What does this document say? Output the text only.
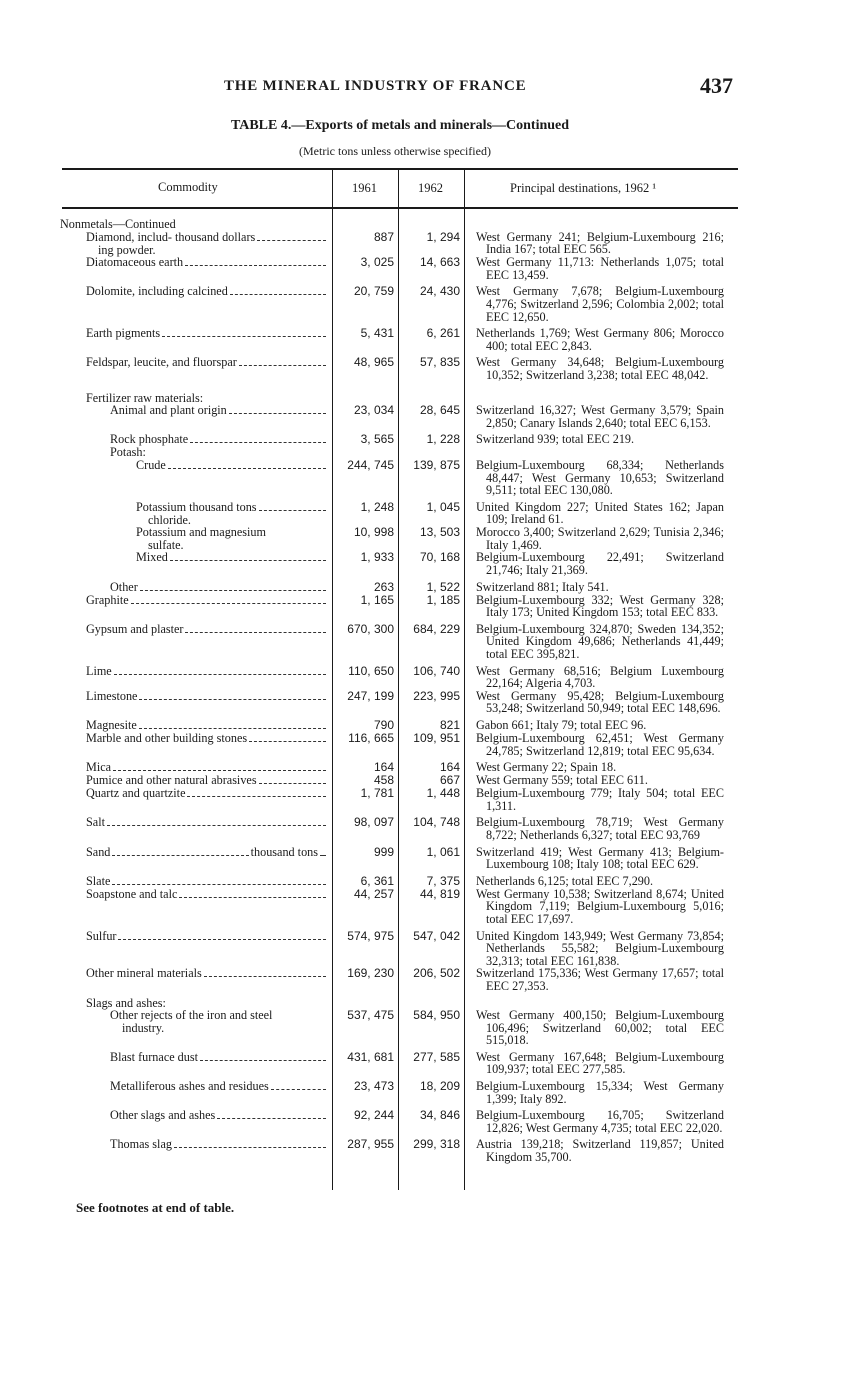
THE MINERAL INDUSTRY OF FRANCE	437
TABLE 4.—Exports of metals and minerals—Continued
(Metric tons unless otherwise specified)
Commodity	1961	1962	Principal destinations, 1962 ¹
Nonmetals—Continued
Diamond, includ- thousand dollars
ing powder.
887	1, 294 West Germany 241; Belgium-Luxembourg 216; India 167; total EEC 565.
Diatomaceous earth	3, 025	14, 663 West Germany 11,713: Netherlands 1,075; total EEC 13,459.
Dolomite, including calcined	20, 759	24, 430 West Germany 7,678; Belgium-Luxembourg 4,776; Switzerland 2,596; Colombia 2,002; total EEC 12,650.
Earth pigments	5, 431	6, 261 Netherlands 1,769; West Germany 806; Morocco 400; total EEC 2,843.
Feldspar, leucite, and fluorspar	48, 965	57, 835 West Germany 34,648; Belgium-Luxembourg 10,352; Switzerland 3,238; total EEC 48,042.
Fertilizer raw materials:
Animal and plant origin	23, 034	28, 645 Switzerland 16,327; West Germany 3,579; Spain 2,850; Canary Islands 2,640; total EEC 6,153.
Rock phosphate	3, 565	1, 228 Switzerland 939; total EEC 219.
Potash:
Crude	244, 745	139, 875 Belgium-Luxembourg 68,334; Netherlands 48,447; West Germany 10,653; Switzerland 9,511; total EEC 130,080.
Potassium thousand tons
chloride.
1, 248	1, 045 United Kingdom 227; United States 162; Japan 109; Ireland 61.
Potassium and magnesium
sulfate.
10, 998	13, 503 Morocco 3,400; Switzerland 2,629; Tunisia 2,346; Italy 1,469.
Mixed	1, 933	70, 168 Belgium-Luxembourg 22,491; Switzerland 21,746; Italy 21,369.
Other	263	1, 522 Switzerland 881; Italy 541.
Graphite	1, 165	1, 185 Belgium-Luxembourg 332; West Germany 328; Italy 173; United Kingdom 153; total EEC 833.
Gypsum and plaster	670, 300	684, 229 Belgium-Luxembourg 324,870; Sweden 134,352; United Kingdom 49,686; Netherlands 41,449; total EEC 395,821.
Lime	110, 650	106, 740 West Germany 68,516; Belgium Luxembourg 22,164; Algeria 4,703.
Limestone	247, 199	223, 995 West Germany 95,428; Belgium-Luxembourg 53,248; Switzerland 50,949; total EEC 148,696.
Magnesite	790	821 Gabon 661; Italy 79; total EEC 96.
Marble and other building stones	116, 665	109, 951 Belgium-Luxembourg 62,451; West Germany 24,785; Switzerland 12,819; total EEC 95,634.
Mica	164	164 West Germany 22; Spain 18.
Pumice and other natural abrasives	458	667 West Germany 559; total EEC 611.
Quartz and quartzite	1, 781	1, 448 Belgium-Luxembourg 779; Italy 504; total EEC 1,311.
Salt	98, 097	104, 748 Belgium-Luxembourg 78,719; West Germany 8,722; Netherlands 6,327; total EEC 93,769
Sand	thousand tons	999	1, 061 Switzerland 419; West Germany 413; Belgium-Luxembourg 108; Italy 108; total EEC 629.
Slate	6, 361	7, 375 Netherlands 6,125; total EEC 7,290.
Soapstone and talc	44, 257	44, 819 West Germany 10,538; Switzerland 8,674; United Kingdom 7,119; Belgium-Luxembourg 5,016; total EEC 17,697.
Sulfur	574, 975	547, 042 United Kingdom 143,949; West Germany 73,854; Netherlands 55,582; Belgium-Luxembourg 32,313; total EEC 161,838.
Other mineral materials	169, 230	206, 502 Switzerland 175,336; West Germany 17,657; total EEC 27,353.
Slags and ashes:
Other rejects of the iron and steel
industry.
537, 475	584, 950 West Germany 400,150; Belgium-Luxembourg 106,496; Switzerland 60,002; total EEC 515,018.
Blast furnace dust	431, 681	277, 585 West Germany 167,648; Belgium-Luxembourg 109,937; total EEC 277,585.
Metalliferous ashes and residues	23, 473	18, 209 Belgium-Luxembourg 15,334; West Germany 1,399; Italy 892.
Other slags and ashes	92, 244	34, 846 Belgium-Luxembourg 16,705; Switzerland 12,826; West Germany 4,735; total EEC 22,020.
Thomas slag	287, 955	299, 318 Austria 139,218; Switzerland 119,857; United Kingdom 35,700.
See footnotes at end of table.
